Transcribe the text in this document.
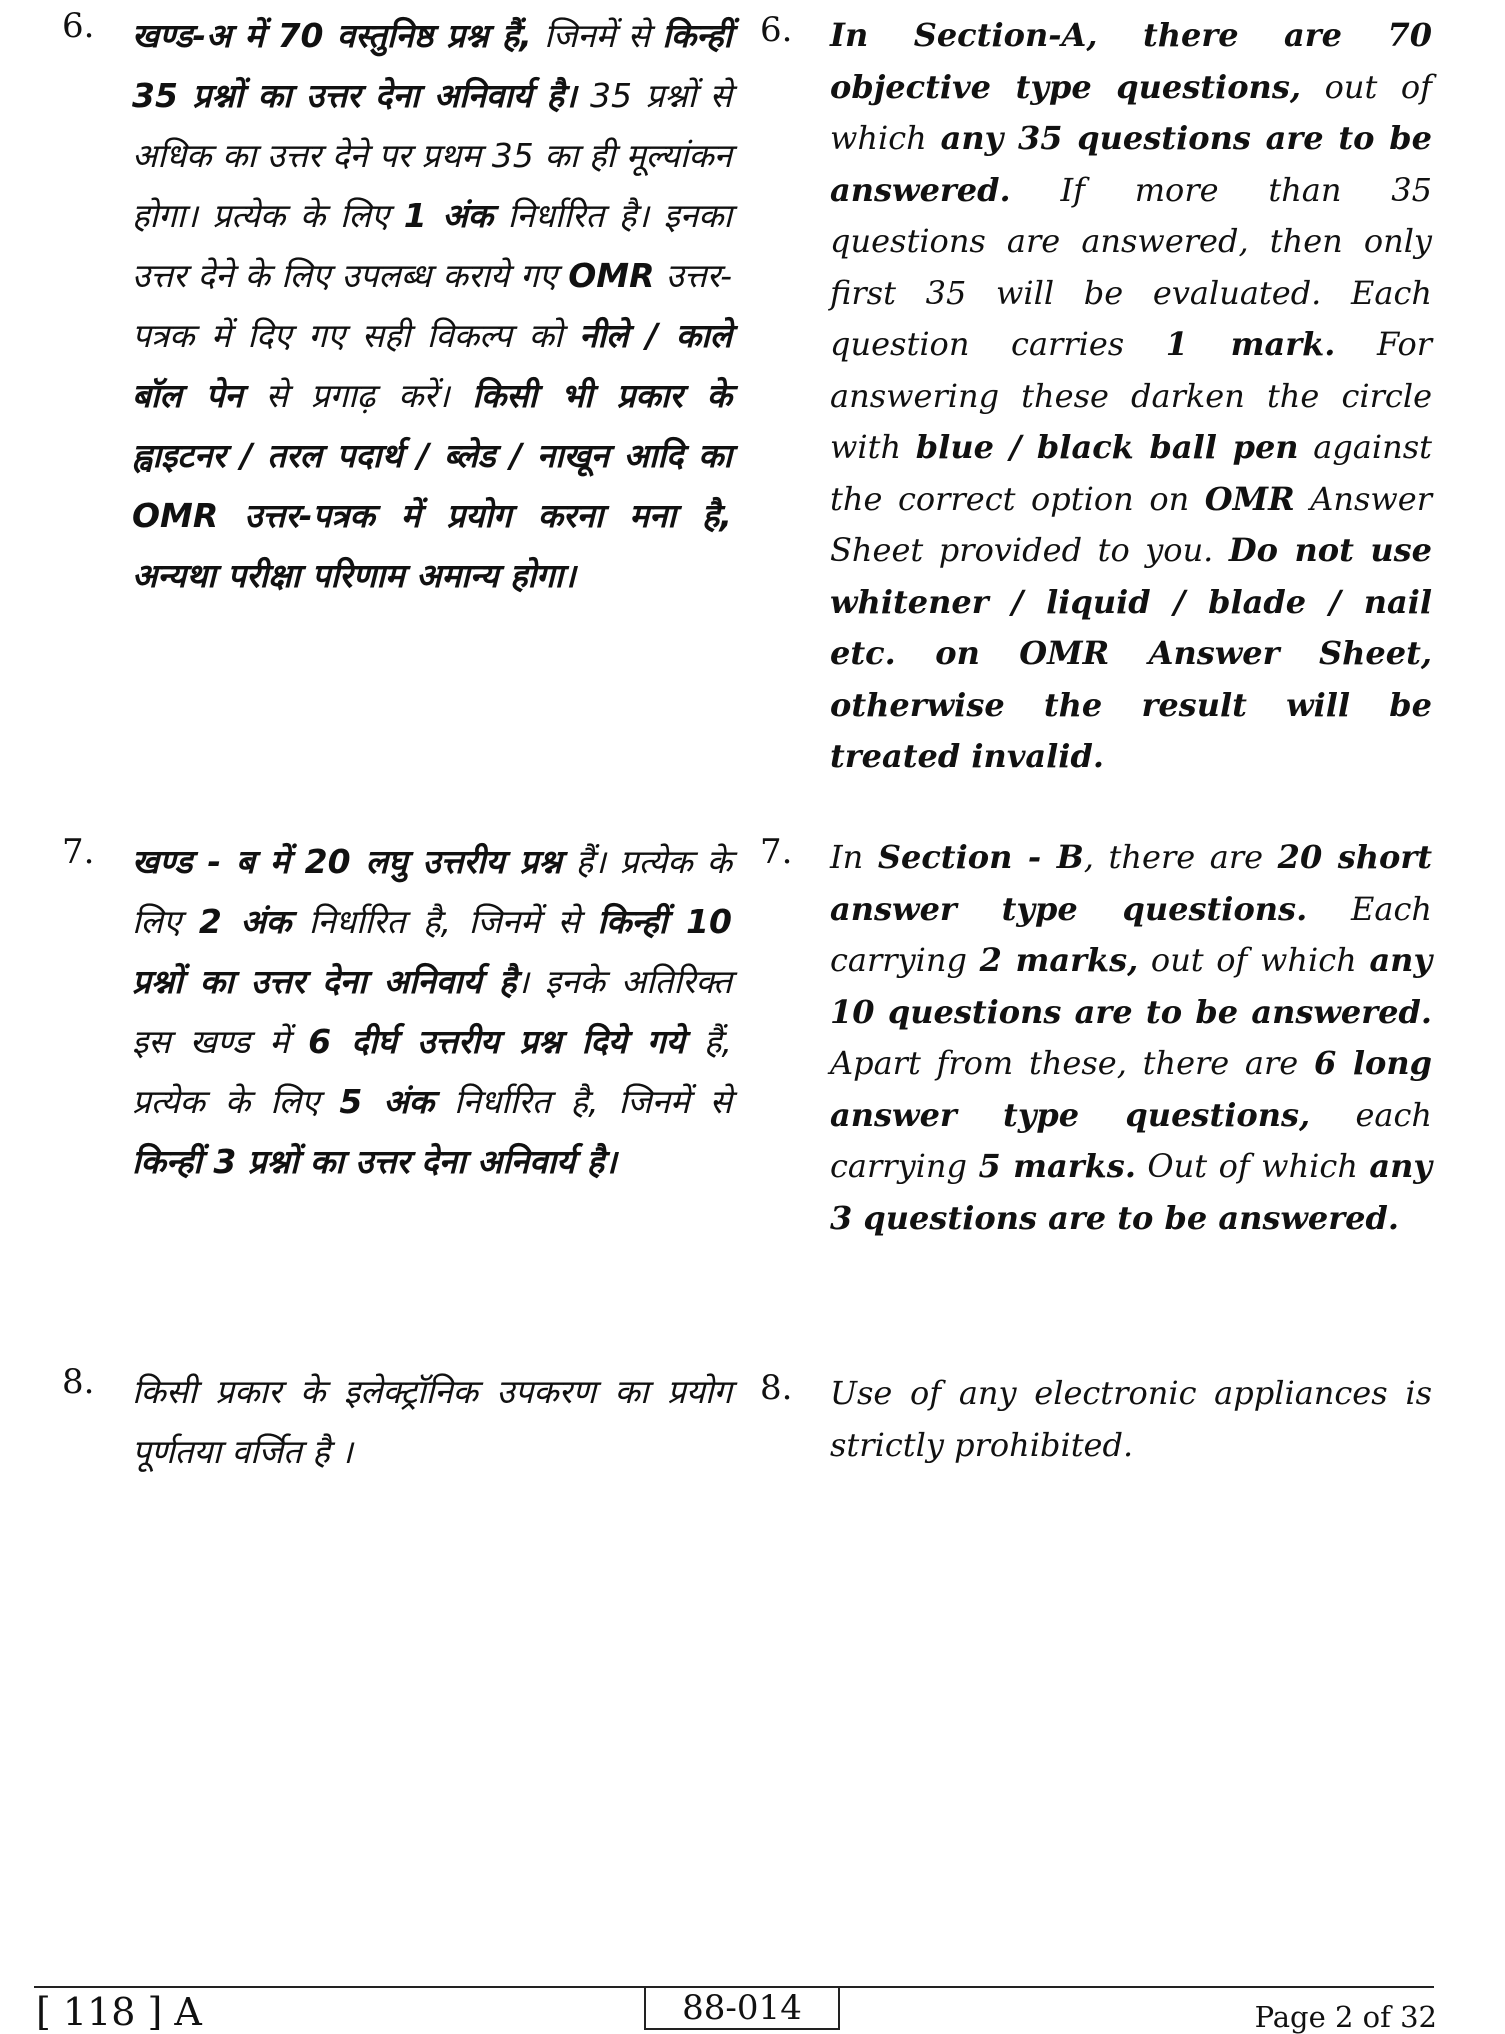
6. खण्ड-अ में 70 वस्तुनिष्ठ प्रश्न हैं, जिनमें से किन्हीं 35 प्रश्नों का उत्तर देना अनिवार्य है। 35 प्रश्नों से अधिक का उत्तर देने पर प्रथम 35 का ही मूल्यांकन होगा। प्रत्येक के लिए 1 अंक निर्धारित है। इनका उत्तर देने के लिए उपलब्ध कराये गए OMR उत्तर-पत्रक में दिए गए सही विकल्प को नीले / काले बॉल पेन से प्रगाढ़ करें। किसी भी प्रकार के ह्वाइटनर / तरल पदार्थ / ब्लेड / नाखून आदि का OMR उत्तर-पत्रक में प्रयोग करना मना है, अन्यथा परीक्षा परिणाम अमान्य होगा।
7. खण्ड - ब में 20 लघु उत्तरीय प्रश्न हैं। प्रत्येक के लिए 2 अंक निर्धारित है, जिनमें से किन्हीं 10 प्रश्नों का उत्तर देना अनिवार्य है। इनके अतिरिक्त इस खण्ड में 6 दीर्घ उत्तरीय प्रश्न दिये गये हैं, प्रत्येक के लिए 5 अंक निर्धारित है, जिनमें से किन्हीं 3 प्रश्नों का उत्तर देना अनिवार्य है।
8. किसी प्रकार के इलेक्ट्रॉनिक उपकरण का प्रयोग पूर्णतया वर्जित है ।
6. In Section-A, there are 70 objective type questions, out of which any 35 questions are to be answered. If more than 35 questions are answered, then only first 35 will be evaluated. Each question carries 1 mark. For answering these darken the circle with blue / black ball pen against the correct option on OMR Answer Sheet provided to you. Do not use whitener / liquid / blade / nail etc. on OMR Answer Sheet, otherwise the result will be treated invalid.
7. In Section - B, there are 20 short answer type questions. Each carrying 2 marks, out of which any 10 questions are to be answered. Apart from these, there are 6 long answer type questions, each carrying 5 marks. Out of which any 3 questions are to be answered.
8. Use of any electronic appliances is strictly prohibited.
[ 118 ] A	88-014	Page 2 of 32
